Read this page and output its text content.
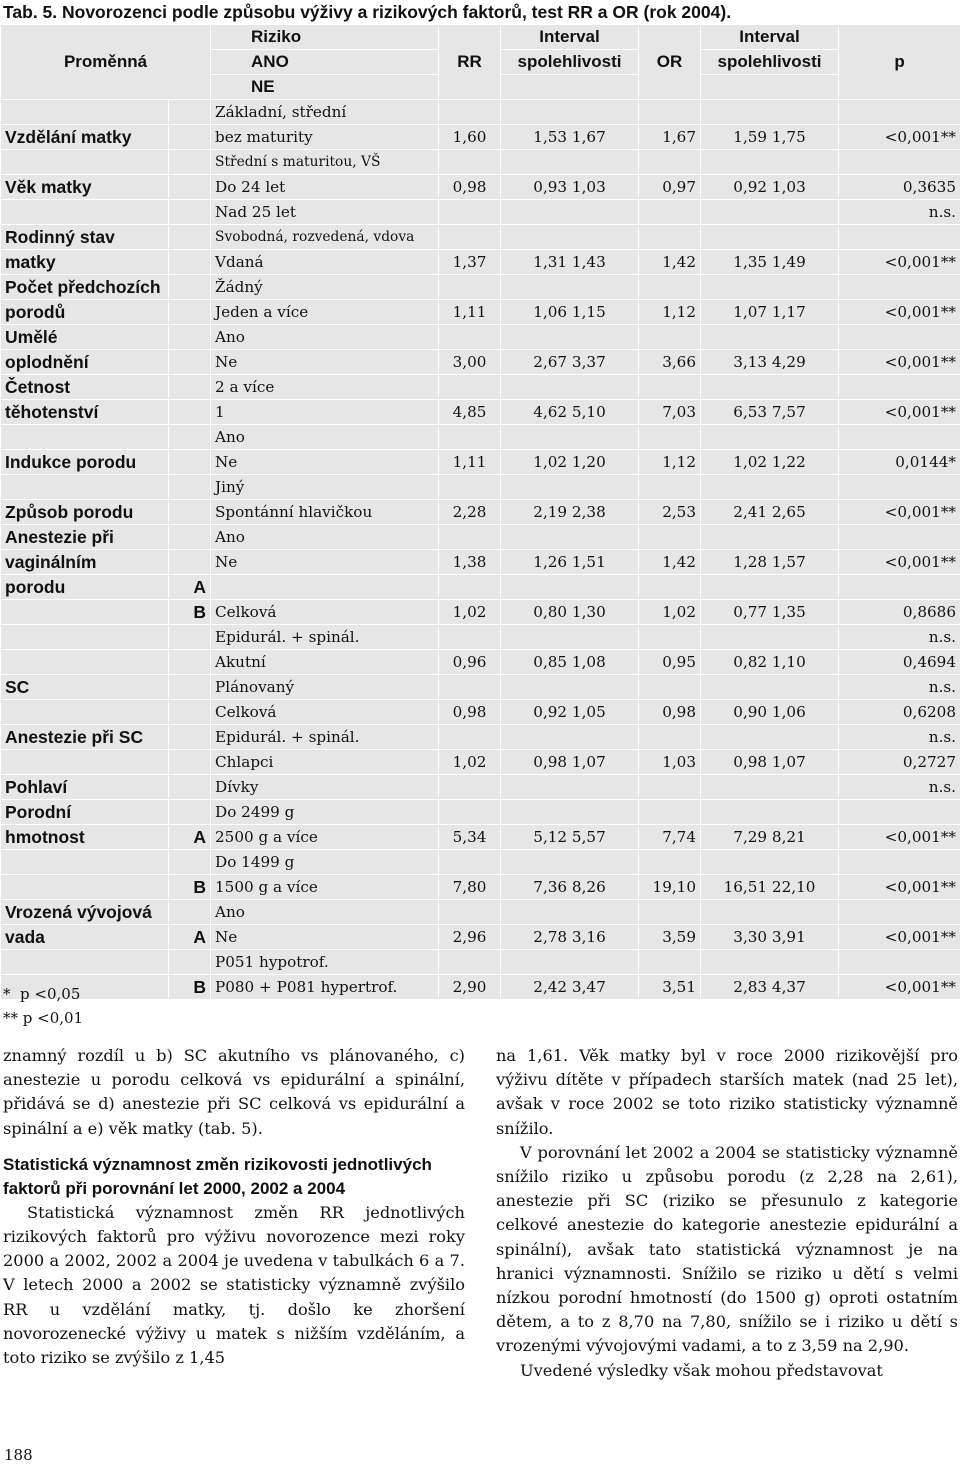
Tab. 5. Novorozenci podle způsobu výživy a rizikových faktorů, test RR a OR (rok 2004).
Proměnná		Riziko	RR	Interval	OR	Interval	p
		ANO		spolehlivosti		spolehlivosti	
		NE					
		Základní, střední					
Vzdělání matky		bez maturity	1,60	1,53 1,67	1,67	1,59 1,75	<0,001**
		Střední s maturitou, VŠ					
Věk matky		Do 24 let	0,98	0,93 1,03	0,97	0,92 1,03	0,3635
		Nad 25 let					n.s.
Rodinný stav		Svobodná, rozvedená, vdova					
matky		Vdaná	1,37	1,31 1,43	1,42	1,35 1,49	<0,001**
Počet předchozích		Žádný					
porodů		Jeden a více	1,11	1,06 1,15	1,12	1,07 1,17	<0,001**
Umělé		Ano					
oplodnění		Ne	3,00	2,67 3,37	3,66	3,13 4,29	<0,001**
Četnost		2 a více					
těhotenství		1	4,85	4,62 5,10	7,03	6,53 7,57	<0,001**
		Ano					
Indukce porodu		Ne	1,11	1,02 1,20	1,12	1,02 1,22	0,0144*
		Jiný					
Způsob porodu		Spontánní hlavičkou	2,28	2,19 2,38	2,53	2,41 2,65	<0,001**
Anestezie při		Ano					
vaginálním		Ne	1,38	1,26 1,51	1,42	1,28 1,57	<0,001**
porodu	A						
	B	Celková	1,02	0,80 1,30	1,02	0,77 1,35	0,8686
		Epidurál. + spinál.					n.s.
		Akutní	0,96	0,85 1,08	0,95	0,82 1,10	0,4694
SC		Plánovaný					n.s.
		Celková	0,98	0,92 1,05	0,98	0,90 1,06	0,6208
Anestezie při SC		Epidurál. + spinál.					n.s.
		Chlapci	1,02	0,98 1,07	1,03	0,98 1,07	0,2727
Pohlaví		Dívky					n.s.
Porodní		Do 2499 g					
hmotnost	A	2500 g a více	5,34	5,12 5,57	7,74	7,29 8,21	<0,001**
		Do 1499 g					
	B	1500 g a více	7,80	7,36 8,26	19,10	16,51 22,10	<0,001**
Vrozená vývojová		Ano					
vada	A	Ne	2,96	2,78 3,16	3,59	3,30 3,91	<0,001**
		P051 hypotrof.					
	B	P080 + P081 hypertrof.	2,90	2,42 3,47	3,51	2,83 4,37	<0,001**
*  p <0,05
** p <0,01

znamný rozdíl u b) SC akutního vs plánovaného, c) anestezie u porodu celková vs epidurální a spinální, přidává se d) anestezie při SC celková vs epidurální a spinální a e) věk matky (tab. 5).

Statistická významnost změn rizikovosti jednotlivých faktorů při porovnání let 2000, 2002 a 2004

Statistická významnost změn RR jednotlivých rizikových faktorů pro výživu novorozence mezi roky 2000 a 2002, 2002 a 2004 je uvedena v tabulkách 6 a 7. V letech 2000 a 2002 se statisticky významně zvýšilo RR u vzdělání matky, tj. došlo ke zhoršení novorozenecké výživy u matek s nižším vzděláním, a toto riziko se zvýšilo z 1,45

na 1,61. Věk matky byl v roce 2000 rizikovější pro výživu dítěte v případech starších matek (nad 25 let), avšak v roce 2002 se toto riziko statisticky významně snížilo.

V porovnání let 2002 a 2004 se statisticky významně snížilo riziko u způsobu porodu (z 2,28 na 2,61), anestezie při SC (riziko se přesunulo z kategorie celkové anestezie do kategorie anestezie epidurální a spinální), avšak tato statistická významnost je na hranici významnosti. Snížilo se riziko u dětí s velmi nízkou porodní hmotností (do 1500 g) oproti ostatním dětem, a to z 8,70 na 7,80, snížilo se i riziko u dětí s vrozenými vývojovými vadami, a to z 3,59 na 2,90.

Uvedené výsledky však mohou představovat

188
